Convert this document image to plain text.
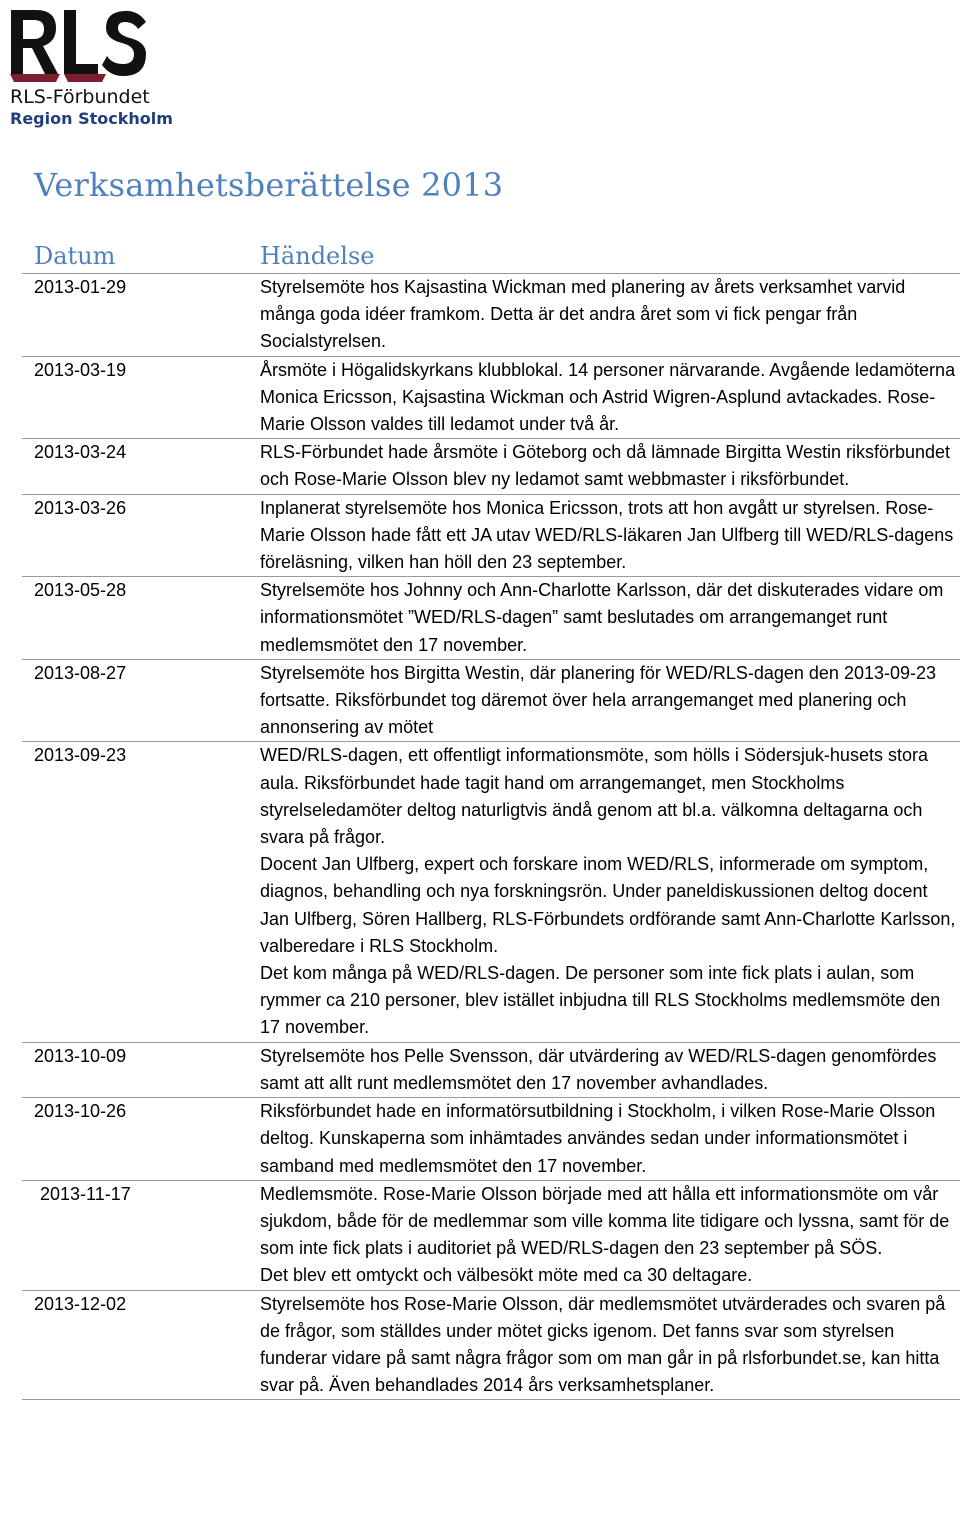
RLS-Förbundet
Region Stockholm
Verksamhetsberättelse 2013
Datum	Händelse
2013-01-29	Styrelsemöte hos Kajsastina Wickman med planering av årets verksamhet varvid många goda idéer framkom. Detta är det andra året som vi fick pengar från Socialstyrelsen.

2013-03-19	Årsmöte i Högalidskyrkans klubblokal. 14 personer närvarande. Avgående ledamöterna Monica Ericsson, Kajsastina Wickman och Astrid Wigren-Asplund avtackades. Rose-Marie Olsson valdes till ledamot under två år.

2013-03-24	RLS-Förbundet hade årsmöte i Göteborg och då lämnade Birgitta Westin riksförbundet och Rose-Marie Olsson blev ny ledamot samt webbmaster i riksförbundet.

2013-03-26	Inplanerat styrelsemöte hos Monica Ericsson, trots att hon avgått ur styrelsen. Rose-Marie Olsson hade fått ett JA utav WED/RLS-läkaren Jan Ulfberg till WED/RLS-dagens föreläsning, vilken han höll den 23 september.

2013-05-28	Styrelsemöte hos Johnny och Ann-Charlotte Karlsson, där det diskuterades vidare om informationsmötet ”WED/RLS-dagen” samt beslutades om arrangemanget runt medlemsmötet den 17 november.

2013-08-27	Styrelsemöte hos Birgitta Westin, där planering för WED/RLS-dagen den 2013-09-23 fortsatte. Riksförbundet tog däremot över hela arrangemanget med planering och annonsering av mötet

2013-09-23	WED/RLS-dagen, ett offentligt informationsmöte, som hölls i Södersjuk-husets stora aula. Riksförbundet hade tagit hand om arrangemanget, men Stockholms styrelseledamöter deltog naturligtvis ändå genom att bl.a. välkomna deltagarna och svara på frågor.

Docent Jan Ulfberg, expert och forskare inom WED/RLS, informerade om symptom, diagnos, behandling och nya forskningsrön. Under paneldiskussionen deltog docent Jan Ulfberg, Sören Hallberg, RLS-Förbundets ordförande samt Ann-Charlotte Karlsson, valberedare i RLS Stockholm.

Det kom många på WED/RLS-dagen. De personer som inte fick plats i aulan, som rymmer ca 210 personer, blev istället inbjudna till RLS Stockholms medlemsmöte den 17 november.

2013-10-09	Styrelsemöte hos Pelle Svensson, där utvärdering av WED/RLS-dagen genomfördes samt att allt runt medlemsmötet den 17 november avhandlades.

2013-10-26	Riksförbundet hade en informatörsutbildning i Stockholm, i vilken Rose-Marie Olsson deltog. Kunskaperna som inhämtades användes sedan under informationsmötet i samband med medlemsmötet den 17 november.

2013-11-17	Medlemsmöte. Rose-Marie Olsson började med att hålla ett informationsmöte om vår sjukdom, både för de medlemmar som ville komma lite tidigare och lyssna, samt för de som inte fick plats i auditoriet på WED/RLS-dagen den 23 september på SÖS.

Det blev ett omtyckt och välbesökt möte med ca 30 deltagare.

2013-12-02	Styrelsemöte hos Rose-Marie Olsson, där medlemsmötet utvärderades och svaren på de frågor, som ställdes under mötet gicks igenom. Det fanns svar som styrelsen funderar vidare på samt några frågor som om man går in på rlsforbundet.se, kan hitta svar på. Även behandlades 2014 års verksamhetsplaner.
